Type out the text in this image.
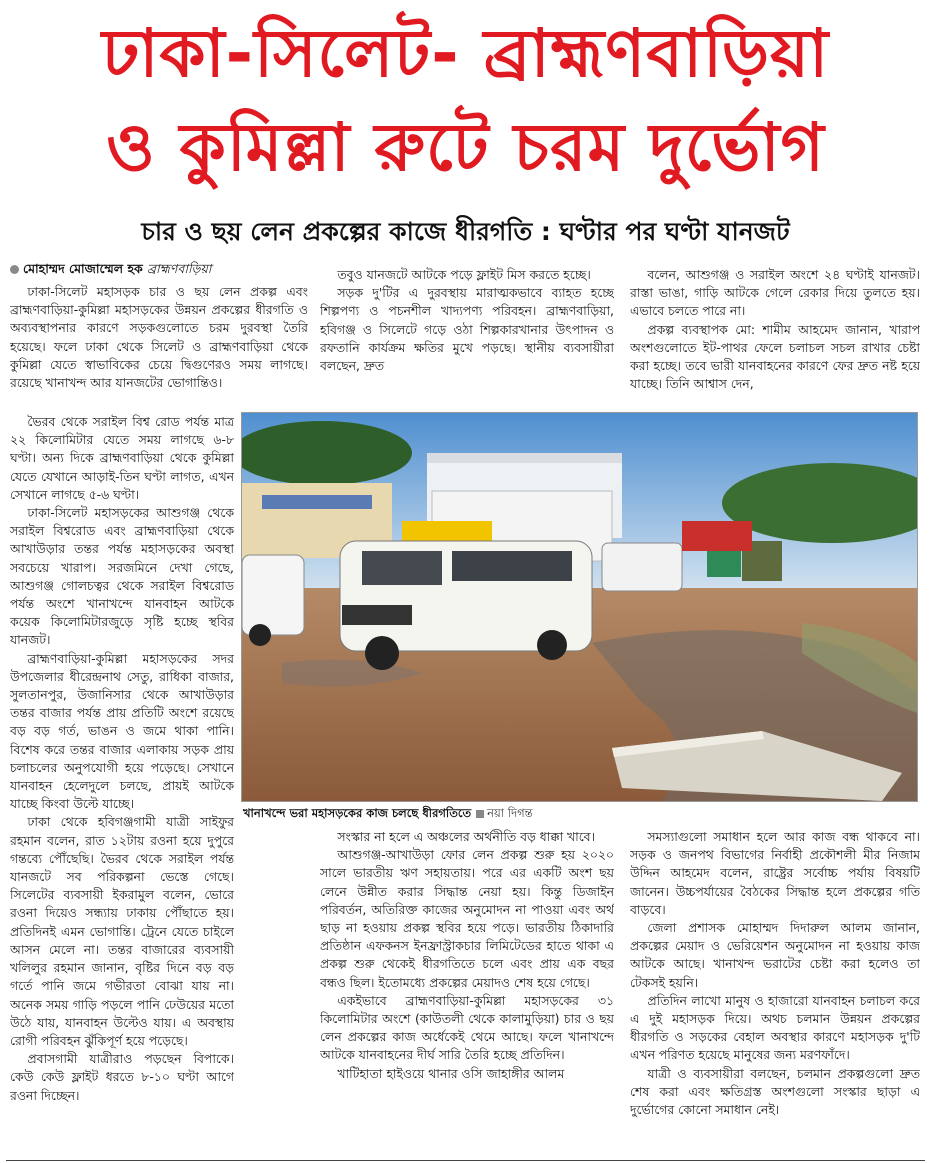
ঢাকা-সিলেট- ব্রাহ্মণবাড়িয়া
ও কুমিল্লা রুটে চরম দুর্ভোগ
চার ও ছয় লেন প্রকল্পের কাজে ধীরগতি : ঘণ্টার পর ঘণ্টা যানজট
মোহাম্মদ মোজাম্মেল হক ব্রাহ্মণবাড়িয়া

ঢাকা-সিলেট মহাসড়ক চার ও ছয় লেন প্রকল্প এবং ব্রাহ্মণবাড়িয়া-কুমিল্লা মহাসড়কের উন্নয়ন প্রকল্পের ধীরগতি ও অব্যবস্থাপনার কারণে সড়কগুলোতে চরম দুরবস্থা তৈরি হয়েছে। ফলে ঢাকা থেকে সিলেট ও ব্রাহ্মণবাড়িয়া থেকে কুমিল্লা যেতে স্বাভাবিকের চেয়ে দ্বিগুণেরও সময় লাগছে। রয়েছে খানাখন্দ আর যানজটের ভোগান্তিও।

ভৈরব থেকে সরাইল বিশ্ব রোড পর্যন্ত মাত্র ২২ কিলোমিটার যেতে সময় লাগছে ৬-৮ ঘণ্টা। অন্য দিকে ব্রাহ্মণবাড়িয়া থেকে কুমিল্লা যেতে যেখানে আড়াই-তিন ঘণ্টা লাগত, এখন সেখানে লাগছে ৫-৬ ঘণ্টা।

ঢাকা-সিলেট মহাসড়কের আশুগঞ্জ থেকে সরাইল বিশ্বরোড এবং ব্রাহ্মণবাড়িয়া থেকে আখাউড়ার তন্তর পর্যন্ত মহাসড়কের অবস্থা সবচেয়ে খারাপ। সরজমিনে দেখা গেছে, আশুগঞ্জ গোলচত্বর থেকে সরাইল বিশ্বরোড পর্যন্ত অংশে খানাখন্দে যানবাহন আটকে কয়েক কিলোমিটারজুড়ে সৃষ্টি হচ্ছে স্থবির যানজট।

ব্রাহ্মণবাড়িয়া-কুমিল্লা মহাসড়কের সদর উপজেলার ধীরেন্দ্রনাথ সেতু, রাধিকা বাজার, সুলতানপুর, উজানিসার থেকে আখাউড়ার তন্তর বাজার পর্যন্ত প্রায় প্রতিটি অংশে রয়েছে বড় বড় গর্ত, ভাঙন ও জমে থাকা পানি। বিশেষ করে তন্তর বাজার এলাকায় সড়ক প্রায় চলাচলের অনুপযোগী হয়ে পড়েছে। সেখানে যানবাহন হেলেদুলে চলছে, প্রায়ই আটকে যাচ্ছে কিংবা উল্টে যাচ্ছে।

ঢাকা থেকে হবিগঞ্জগামী যাত্রী সাইফুর রহমান বলেন, রাত ১২টায় রওনা হয়ে দুপুরে গন্তব্যে পৌঁছেছি। ভৈরব থেকে সরাইল পর্যন্ত যানজটে সব পরিকল্পনা ভেস্তে গেছে। সিলেটের ব্যবসায়ী ইকরামুল বলেন, ভোরে রওনা দিয়েও সন্ধ্যায় ঢাকায় পৌঁছাতে হয়। প্রতিদিনই এমন ভোগান্তি। ট্রেনে যেতে চাইলে আসন মেলে না। তন্তর বাজারের ব্যবসায়ী খলিলুর রহমান জানান, বৃষ্টির দিনে বড় বড় গর্তে পানি জমে গভীরতা বোঝা যায় না। অনেক সময় গাড়ি পড়লে পানি ঢেউয়ের মতো উঠে যায়, যানবাহন উল্টেও যায়। এ অবস্থায় রোগী পরিবহন ঝুঁকিপূর্ণ হয়ে পড়েছে।

প্রবাসগামী যাত্রীরাও পড়ছেন বিপাকে। কেউ কেউ ফ্লাইট ধরতে ৮-১০ ঘণ্টা আগে রওনা দিচ্ছেন।

তবুও যানজটে আটকে পড়ে ফ্লাইট মিস করতে হচ্ছে।

সড়ক দু'টির এ দুরবস্থায় মারাত্মকভাবে ব্যাহত হচ্ছে শিল্পপণ্য ও পচনশীল খাদ্যপণ্য পরিবহন। ব্রাহ্মণবাড়িয়া, হবিগঞ্জ ও সিলেটে গড়ে ওঠা শিল্পকারখানার উৎপাদন ও রফতানি কার্যক্রম ক্ষতির মুখে পড়ছে। স্থানীয় ব্যবসায়ীরা বলছেন, দ্রুত

বলেন, আশুগঞ্জ ও সরাইল অংশে ২৪ ঘণ্টাই যানজট। রাস্তা ভাঙা, গাড়ি আটকে গেলে রেকার দিয়ে তুলতে হয়। এভাবে চলতে পারে না।

প্রকল্প ব্যবস্থাপক মো: শামীম আহমেদ জানান, খারাপ অংশগুলোতে ইট-পাথর ফেলে চলাচল সচল রাখার চেষ্টা করা হচ্ছে। তবে ভারী যানবাহনের কারণে ফের দ্রুত নষ্ট হয়ে যাচ্ছে। তিনি আশ্বাস দেন,

খানাখন্দে ভরা মহাসড়কের কাজ চলছে ধীরগতিতে নয়া দিগন্ত

সংস্কার না হলে এ অঞ্চলের অর্থনীতি বড় ধাক্কা খাবে।

আশুগঞ্জ-আখাউড়া ফোর লেন প্রকল্প শুরু হয় ২০২০ সালে ভারতীয় ঋণ সহায়তায়। পরে এর একটি অংশ ছয় লেনে উন্নীত করার সিদ্ধান্ত নেয়া হয়। কিন্তু ডিজাইন পরিবর্তন, অতিরিক্ত কাজের অনুমোদন না পাওয়া এবং অর্থ ছাড় না হওয়ায় প্রকল্প স্থবির হয়ে পড়ে। ভারতীয় ঠিকাদারি প্রতিষ্ঠান এফকনস ইনফ্রাস্ট্রাকচার লিমিটেডের হাতে থাকা এ প্রকল্প শুরু থেকেই ধীরগতিতে চলে এবং প্রায় এক বছর বন্ধও ছিল। ইতোমধ্যে প্রকল্পের মেয়াদও শেষ হয়ে গেছে।

একইভাবে ব্রাহ্মণবাড়িয়া-কুমিল্লা মহাসড়কের ৩১ কিলোমিটার অংশে (কাউতলী থেকে কালামুড়িয়া) চার ও ছয় লেন প্রকল্পের কাজ অর্ধেকেই থেমে আছে। ফলে খানাখন্দে আটকে যানবাহনের দীর্ঘ সারি তৈরি হচ্ছে প্রতিদিন।

খাটিহাতা হাইওয়ে থানার ওসি জাহাঙ্গীর আলম

সমস্যাগুলো সমাধান হলে আর কাজ বন্ধ থাকবে না। সড়ক ও জনপথ বিভাগের নির্বাহী প্রকৌশলী মীর নিজাম উদ্দিন আহমেদ বলেন, রাষ্ট্রের সর্বোচ্চ পর্যায় বিষয়টি জানেন। উচ্চপর্যায়ের বৈঠকের সিদ্ধান্ত হলে প্রকল্পের গতি বাড়বে।

জেলা প্রশাসক মোহাম্মদ দিদারুল আলম জানান, প্রকল্পের মেয়াদ ও ভেরিয়েশন অনুমোদন না হওয়ায় কাজ আটকে আছে। খানাখন্দ ভরাটের চেষ্টা করা হলেও তা টেকসই হয়নি।

প্রতিদিন লাখো মানুষ ও হাজারো যানবাহন চলাচল করে এ দুই মহাসড়ক দিয়ে। অথচ চলমান উন্নয়ন প্রকল্পের ধীরগতি ও সড়কের বেহাল অবস্থার কারণে মহাসড়ক দু'টি এখন পরিণত হয়েছে মানুষের জন্য মরণফাঁদে।

যাত্রী ও ব্যবসায়ীরা বলছেন, চলমান প্রকল্পগুলো দ্রুত শেষ করা এবং ক্ষতিগ্রস্ত অংশগুলো সংস্কার ছাড়া এ দুর্ভোগের কোনো সমাধান নেই।
